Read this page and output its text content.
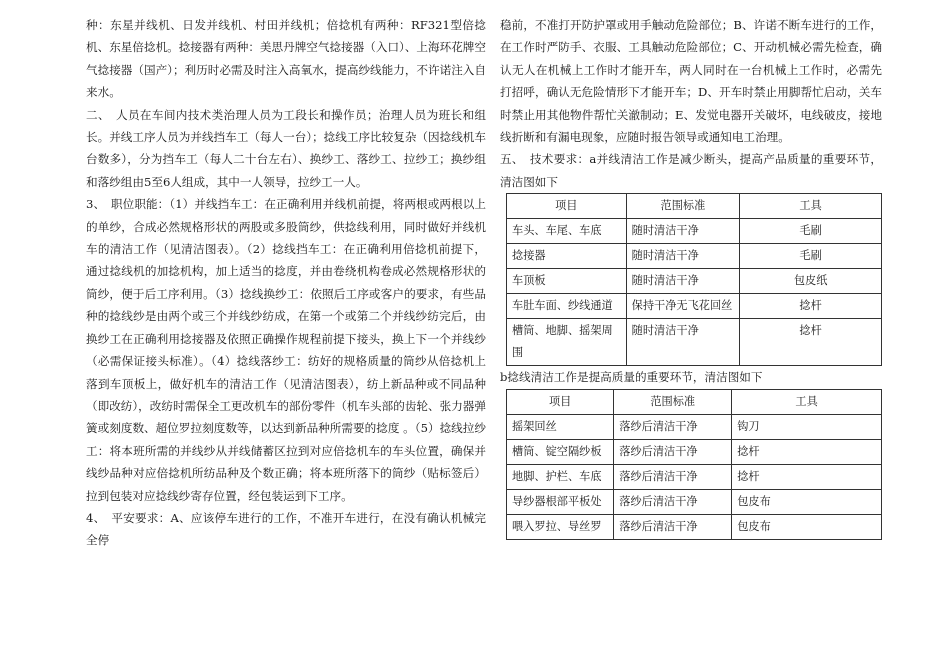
种：东星并线机、日发并线机、村田并线机；倍捻机有两种：RF321型倍捻机、东星倍捻机。捻接器有两种：美思丹牌空气捻接器（入口）、上海环花牌空气捻接器（国产）；利历时必需及时注入高氧水，提高纱线能力，不许诺注入自来水。

二、　人员在车间内技术类治理人员为工段长和操作员；治理人员为班长和组长。并线工序人员为并线挡车工（每人一台）；捻线工序比较复杂（因捻线机车台数多），分为挡车工（每人二十台左右）、换纱工、落纱工、拉纱工；换纱组和落纱组由5至6人组成，其中一人领导，拉纱工一人。

3、　职位职能：（1）并线挡车工：在正确利用并线机前提，将两根或两根以上的单纱，合成必然规格形状的两股或多股筒纱，供捻线利用，同时做好并线机车的清洁工作（见清洁图表）。（2）捻线挡车工：在正确利用倍捻机前提下，通过捻线机的加捻机构，加上适当的捻度，并由卷绕机构卷成必然规格形状的筒纱，便于后工序利用。（3）捻线换纱工：依照后工序或客户的要求，有些品种的捻线纱是由两个或三个并线纱纺成，在第一个或第二个并线纱纺完后，由换纱工在正确利用捻接器及依照正确操作规程前提下接头，换上下一个并线纱（必需保证接头标准）。（4）捻线落纱工：纺好的规格质量的筒纱从倍捻机上落到车顶板上，做好机车的清洁工作（见清洁图表），纺上新品种或不同品种（即改纺），改纺时需保全工更改机车的部份零件（机车头部的齿轮、张力器弹簧或刻度数、超位罗拉刻度数等，以达到新品种所需要的捻度 。（5）捻线拉纱工：将本班所需的并线纱从并线储蓄区拉到对应倍捻机车的车头位置，确保并线纱品种对应倍捻机所纺品种及个数正确；将本班所落下的筒纱（贴标签后）拉到包装对应捻线纱寄存位置，经包装运到下工序。

4、　平安要求：A、应该停车进行的工作，不准开车进行，在没有确认机械完全停

稳前，不准打开防护罩或用手触动危险部位；B、许诺不断车进行的工作，在工作时严防手、衣服、工具触动危险部位；C、开动机械必需先检查，确认无人在机械上工作时才能开车，两人同时在一台机械上工作时，必需先打招呼，确认无危险情形下才能开车；D、开车时禁止用脚帮忙启动，关车时禁止用其他物件帮忙关澈制动；E、发觉电器开关破坏，电线破皮，接地线折断和有漏电现象，应随时报告领导或通知电工治理。

五、　技术要求：a并线清洁工作是减少断头，提高产品质量的重要环节，清洁图如下

项目	范围标准	工具
车头、车尾、车底	随时清洁干净	毛刷
捻接器	随时清洁干净	毛刷
车顶板	随时清洁干净	包皮纸
车肚车面、纱线通道	保持干净无飞花回丝	捻杆
槽筒、地脚、摇架周围	随时清洁干净	捻杆

b捻线清洁工作是提高质量的重要环节，清洁图如下

项目	范围标准	工具
摇架回丝	落纱后清洁干净	钩刀
槽筒、锭空隔纱板	落纱后清洁干净	捻杆
地脚、护栏、车底	落纱后清洁干净	捻杆
导纱器根部平板处	落纱后清洁干净	包皮布
喂入罗拉、导丝罗	落纱后清洁干净	包皮布
